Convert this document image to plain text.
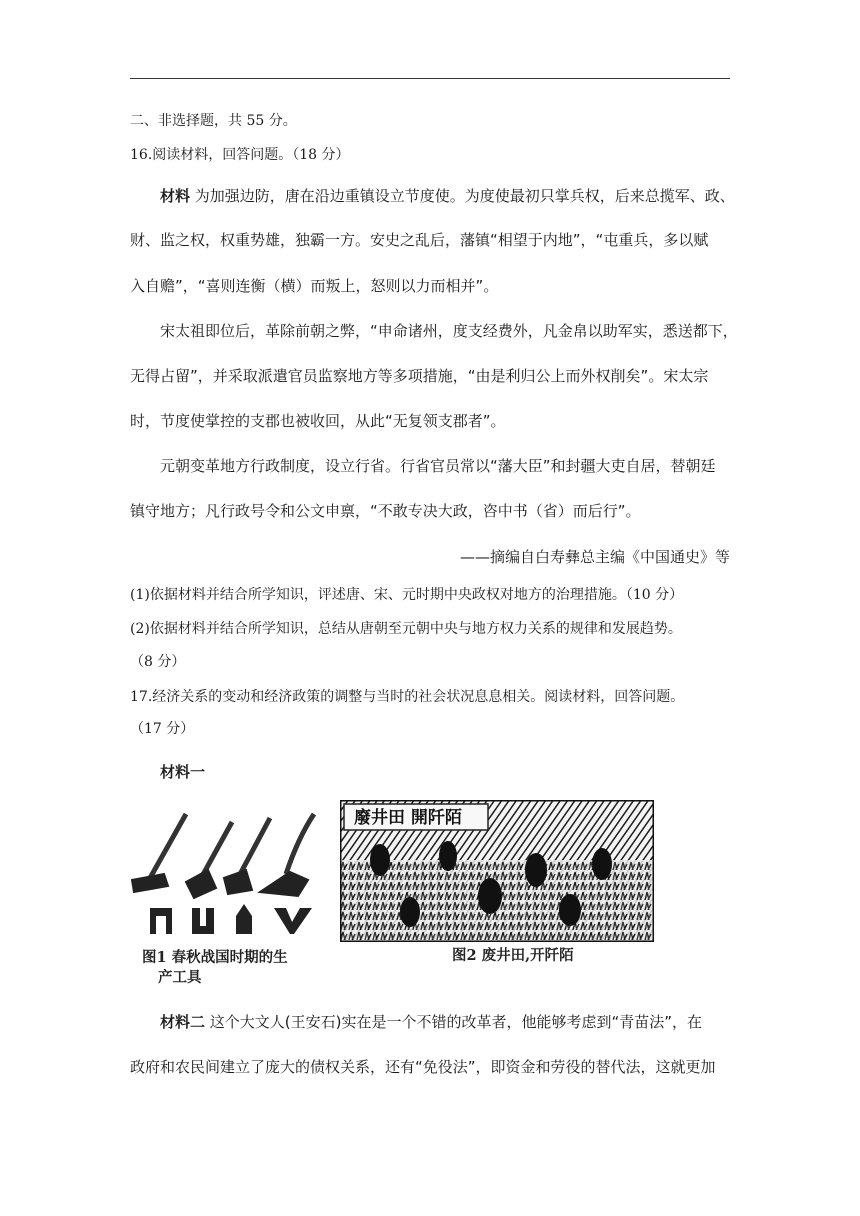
二、非选择题，共 55 分。
16.阅读材料，回答问题。（18 分）
材料 为加强边防，唐在沿边重镇设立节度使。为度使最初只掌兵权，后来总揽军、政、
财、监之权，权重势雄，独霸一方。安史之乱后，藩镇“相望于内地”，“屯重兵，多以赋
入自赡”，“喜则连衡（横）而叛上，怒则以力而相并”。
宋太祖即位后，革除前朝之弊，“申命诸州，度支经费外，凡金帛以助军实，悉送都下，
无得占留”，并采取派遣官员监察地方等多项措施，“由是利归公上而外权削矣”。宋太宗
时，节度使掌控的支郡也被收回，从此“无复领支郡者”。
元朝变革地方行政制度，设立行省。行省官员常以“藩大臣”和封疆大吏自居，替朝廷
镇守地方；凡行政号令和公文申禀，“不敢专决大政，咨中书（省）而后行”。
——摘编自白寿彝总主编《中国通史》等
(1)依据材料并结合所学知识，评述唐、宋、元时期中央政权对地方的治理措施。（10 分）
(2)依据材料并结合所学知识，总结从唐朝至元朝中央与地方权力关系的规律和发展趋势。
（8 分）
17.经济关系的变动和经济政策的调整与当时的社会状况息息相关。阅读材料，回答问题。
（17 分）
材料一
图1 春秋战国时期的生
产工具
廢井田 開阡陌
图2 废井田,开阡陌
材料二 这个大文人(王安石)实在是一个不错的改革者，他能够考虑到“青苗法”，在
政府和农民间建立了庞大的债权关系，还有“免役法”，即资金和劳役的替代法，这就更加
